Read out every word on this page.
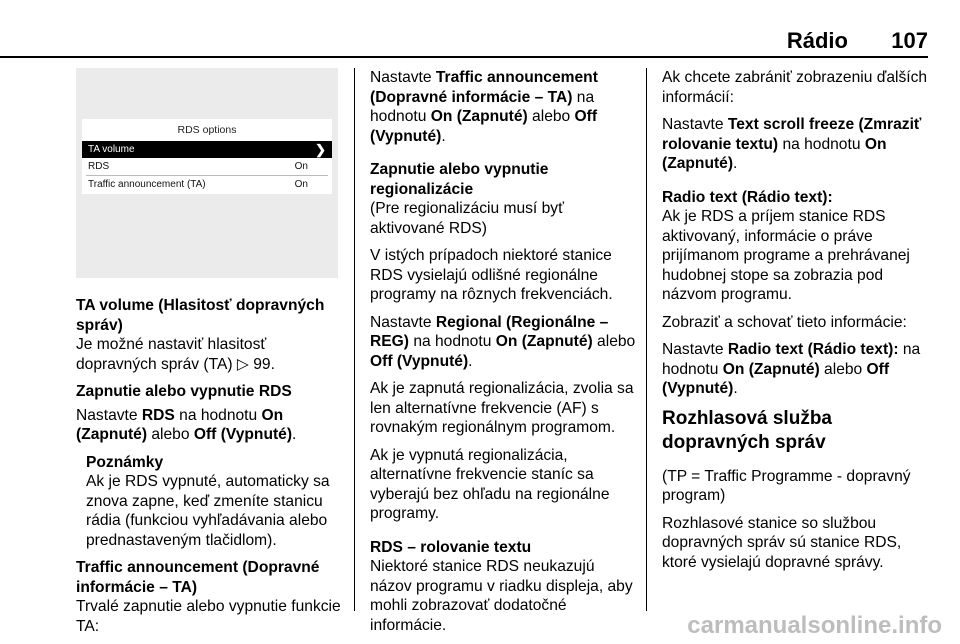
Rádio 107
RDS options
TA volume	❯
RDS	On
Traffic announcement (TA)	On
TA volume (Hlasitosť dopravných správ)

Je možné nastaviť hlasitosť dopravných správ (TA) ▷ 99.

Zapnutie alebo vypnutie RDS

Nastavte RDS na hodnotu On (Zapnuté) alebo Off (Vypnuté).

Poznámky
Ak je RDS vypnuté, automaticky sa znova zapne, keď zmeníte stanicu rádia (funkciou vyhľadávania alebo prednastaveným tlačidlom).
Traffic announcement (Dopravné informácie – TA)

Trvalé zapnutie alebo vypnutie funkcie TA:

Nastavte Traffic announcement (Dopravné informácie – TA) na hodnotu On (Zapnuté) alebo Off (Vypnuté).

Zapnutie alebo vypnutie regionalizácie

(Pre regionalizáciu musí byť aktivované RDS)

V istých prípadoch niektoré stanice RDS vysielajú odlišné regionálne programy na rôznych frekvenciách.

Nastavte Regional (Regionálne – REG) na hodnotu On (Zapnuté) alebo Off (Vypnuté).

Ak je zapnutá regionalizácia, zvolia sa len alternatívne frekvencie (AF) s rovnakým regionálnym programom.

Ak je vypnutá regionalizácia, alternatívne frekvencie staníc sa vyberajú bez ohľadu na regionálne programy.

RDS – rolovanie textu

Niektoré stanice RDS neukazujú názov programu v riadku displeja, aby mohli zobrazovať dodatočné informácie.

Ak chcete zabrániť zobrazeniu ďalších informácií:

Nastavte Text scroll freeze (Zmraziť rolovanie textu) na hodnotu On (Zapnuté).

Radio text (Rádio text):

Ak je RDS a príjem stanice RDS aktivovaný, informácie o práve prijímanom programe a prehrávanej hudobnej stope sa zobrazia pod názvom programu.

Zobraziť a schovať tieto informácie:

Nastavte Radio text (Rádio text): na hodnotu On (Zapnuté) alebo Off (Vypnuté).

Rozhlasová služba dopravných správ

(TP = Traffic Programme - dopravný program)

Rozhlasové stanice so službou dopravných správ sú stanice RDS, ktoré vysielajú dopravné správy.

carmanualsonline.info
